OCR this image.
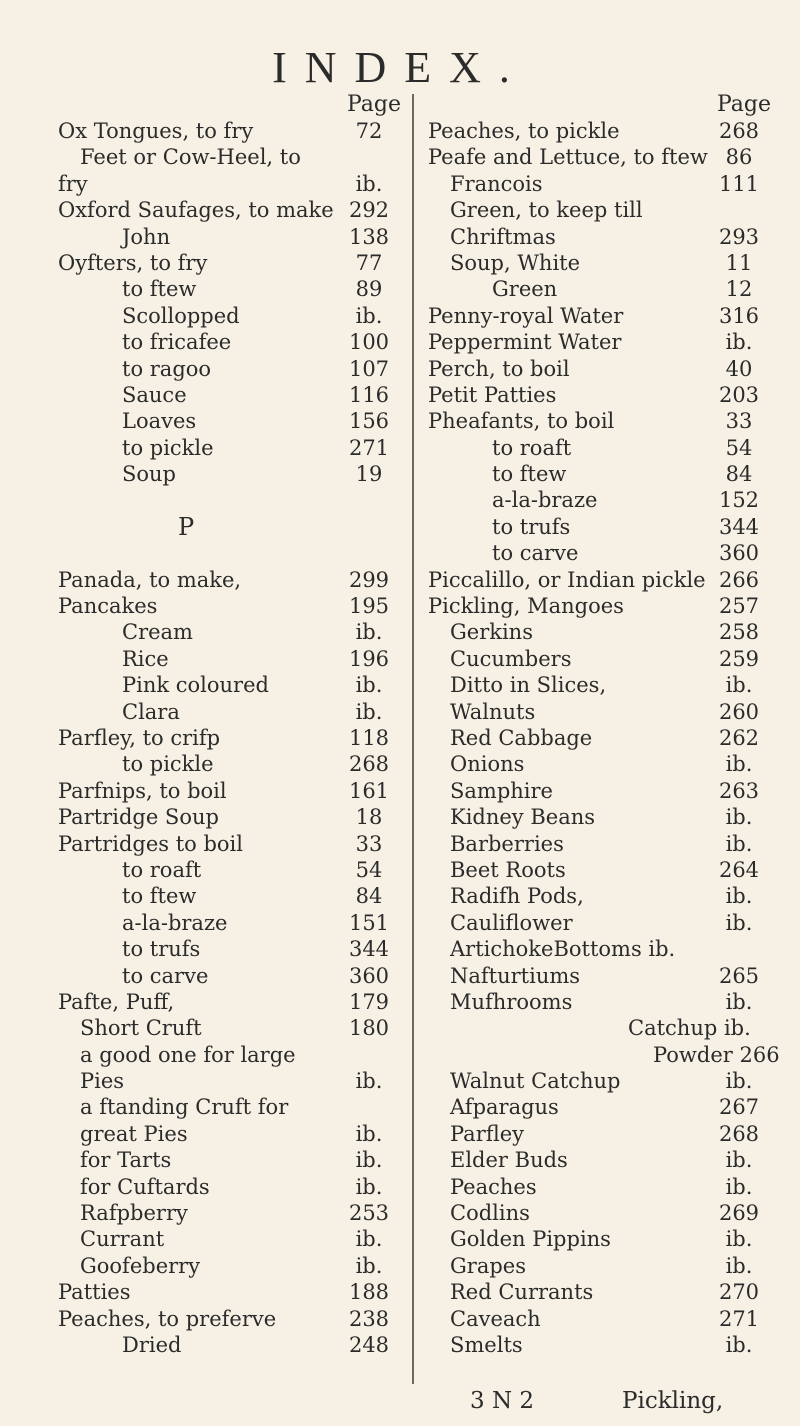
INDEX.
Page
Ox Tongues, to fry	72
Feet or Cow-Heel, to
fry	ib.
Oxford Saufages, to make 292
John	138
Oyfters, to fry	77
to ftew	89
Scollopped	ib.
to fricafee	100
to ragoo	107
Sauce	116
Loaves	156
to pickle	271
Soup	19
P
Panada, to make,	299
Pancakes	195
Cream	ib.
Rice	196
Pink coloured	ib.
Clara	ib.
Parfley, to crifp	118
to pickle	268
Parfnips, to boil	161
Partridge Soup	18
Partridges to boil	33
to roaft	54
to ftew	84
a-la-braze	151
to trufs	344
to carve	360
Pafte, Puff,	179
Short Cruft	180
a good one for large
Pies	ib.
a ftanding Cruft for
great Pies	ib.
for Tarts	ib.
for Cuftards	ib.
Rafpberry	253
Currant	ib.
Goofeberry	ib.
Patties	188
Peaches, to preferve	238
Dried	248
Page
Peaches, to pickle	268
Peafe and Lettuce, to ftew 86
Francois	111
Green, to keep till
Chriftmas	293
Soup, White	11
Green	12
Penny-royal Water	316
Peppermint Water	ib.
Perch, to boil	40
Petit Patties	203
Pheafants, to boil	33
to roaft	54
to ftew	84
a-la-braze	152
to trufs	344
to carve	360
Piccalillo, or Indian pickle 266
Pickling, Mangoes	257
Gerkins	258
Cucumbers	259
Ditto in Slices,	ib.
Walnuts	260
Red Cabbage	262
Onions	ib.
Samphire	263
Kidney Beans	ib.
Barberries	ib.
Beet Roots	264
Radifh Pods,	ib.
Cauliflower	ib.
ArtichokeBottoms ib.
Nafturtiums	265
Mufhrooms	ib.
Catchup ib.
Powder 266
Walnut Catchup	ib.
Afparagus	267
Parfley	268
Elder Buds	ib.
Peaches	ib.
Codlins	269
Golden Pippins	ib.
Grapes	ib.
Red Currants	270
Caveach	271
Smelts	ib.
3 N 2	Pickling,
